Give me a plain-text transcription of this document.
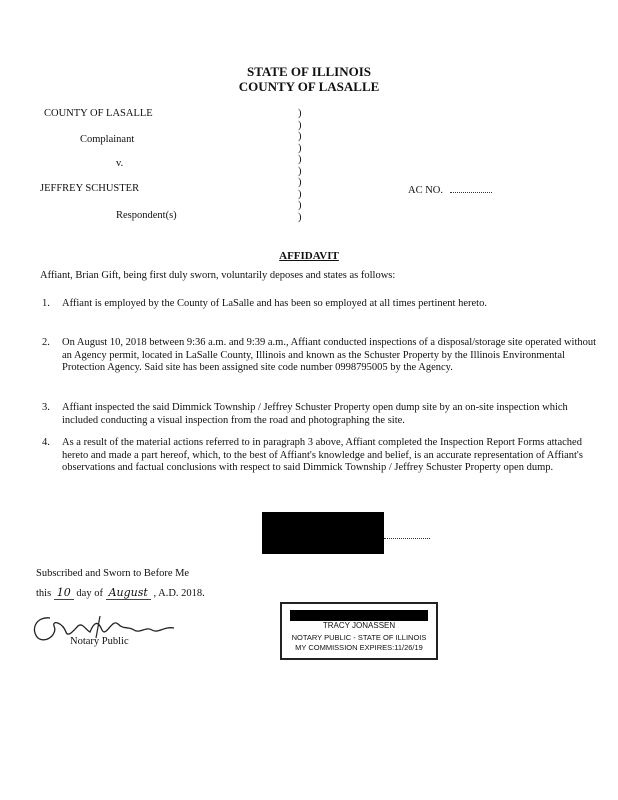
STATE OF ILLINOIS
COUNTY OF LASALLE
COUNTY OF LASALLE
Complainant
v.
JEFFREY SCHUSTER
Respondent(s)
AC NO.
)
)
)
)
)
)
)
)
)
)
AFFIDAVIT
Affiant, Brian Gift, being first duly sworn, voluntarily deposes and states as follows:
1. Affiant is employed by the County of LaSalle and has been so employed at all times pertinent hereto.
2. On August 10, 2018 between 9:36 a.m. and 9:39 a.m., Affiant conducted inspections of a disposal/storage site operated without an Agency permit, located in LaSalle County, Illinois and known as the Schuster Property by the Illinois Environmental Protection Agency. Said site has been assigned site code number 0998795005 by the Agency.
3. Affiant inspected the said Dimmick Township / Jeffrey Schuster Property open dump site by an on-site inspection which included conducting a visual inspection from the road and photographing the site.
4. As a result of the material actions referred to in paragraph 3 above, Affiant completed the Inspection Report Forms attached hereto and made a part hereof, which, to the best of Affiant's knowledge and belief, is an accurate representation of Affiant's observations and factual conclusions with respect to said Dimmick Township / Jeffrey Schuster Property open dump.
Subscribed and Sworn to Before Me
this 10 day of August , A.D. 2018.
Notary Public
TRACY JONASSEN
NOTARY PUBLIC - STATE OF ILLINOIS
MY COMMISSION EXPIRES:11/26/19
